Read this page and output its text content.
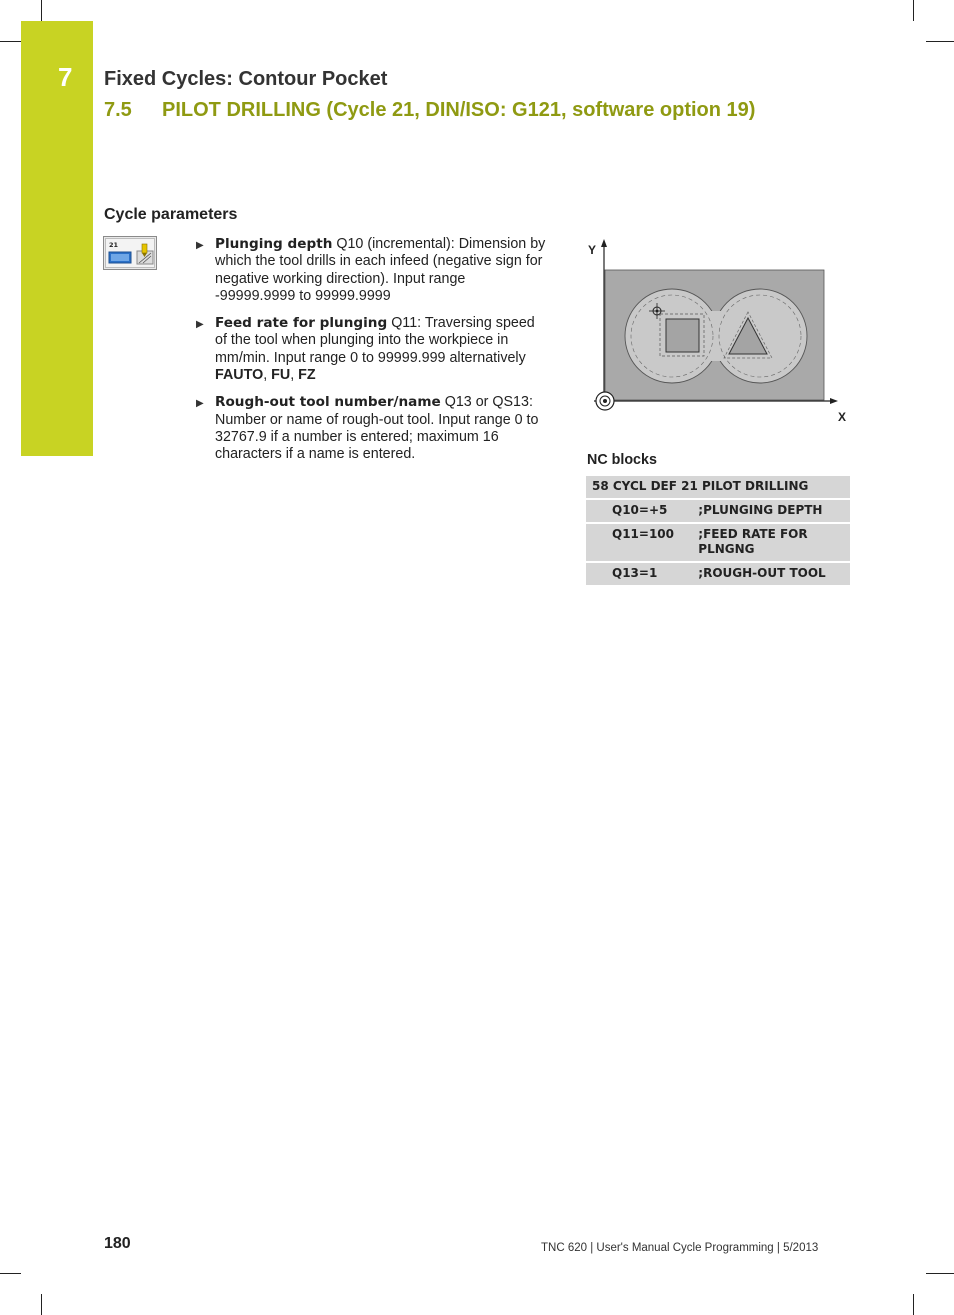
7 Fixed Cycles: Contour Pocket
7.5 PILOT DRILLING (Cycle 21, DIN/ISO: G121, software option 19)
Cycle parameters
21	▶ Plunging depth Q10 (incremental): Dimension by which the tool drills in each infeed (negative sign for negative working direction). Input range -99999.9999 to 99999.9999
▶ Feed rate for plunging Q11: Traversing speed of the tool when plunging into the workpiece in mm/min. Input range 0 to 99999.999 alternatively
FAUTO, FU, FZ
▶ Rough-out tool number/name Q13 or QS13: Number or name of rough-out tool. Input range 0 to 32767.9 if a number is entered; maximum 16 characters if a name is entered.
Y
X
NC blocks
58 CYCL DEF 21 PILOT DRILLING	
Q10=+5	;PLUNGING DEPTH
Q11=100	;FEED RATE FOR PLNGNG
Q13=1	;ROUGH-OUT TOOL
180	TNC 620 | User's Manual Cycle Programming | 5/2013
